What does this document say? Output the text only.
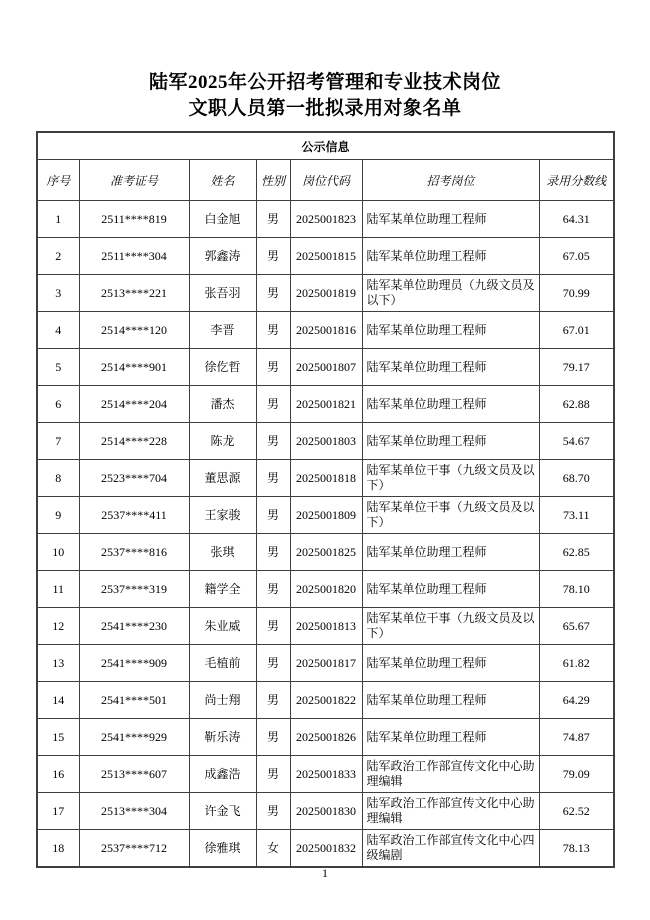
陆军2025年公开招考管理和专业技术岗位
文职人员第一批拟录用对象名单
公示信息						
序号	准考证号	姓名	性别	岗位代码	招考岗位	录用分数线
1	2511****819	白金旭	男	2025001823	陆军某单位助理工程师	64.31
2	2511****304	郭鑫涛	男	2025001815	陆军某单位助理工程师	67.05
3	2513****221	张吾羽	男	2025001819	陆军某单位助理员（九级文员及以下）	70.99
4	2514****120	李晋	男	2025001816	陆军某单位助理工程师	67.01
5	2514****901	徐仡哲	男	2025001807	陆军某单位助理工程师	79.17
6	2514****204	潘杰	男	2025001821	陆军某单位助理工程师	62.88
7	2514****228	陈龙	男	2025001803	陆军某单位助理工程师	54.67
8	2523****704	董思源	男	2025001818	陆军某单位干事（九级文员及以下）	68.70
9	2537****411	王家骏	男	2025001809	陆军某单位干事（九级文员及以下）	73.11
10	2537****816	张琪	男	2025001825	陆军某单位助理工程师	62.85
11	2537****319	籍学全	男	2025001820	陆军某单位助理工程师	78.10
12	2541****230	朱业威	男	2025001813	陆军某单位干事（九级文员及以下）	65.67
13	2541****909	毛植前	男	2025001817	陆军某单位助理工程师	61.82
14	2541****501	尚士翔	男	2025001822	陆军某单位助理工程师	64.29
15	2541****929	靳乐涛	男	2025001826	陆军某单位助理工程师	74.87
16	2513****607	成鑫浩	男	2025001833	陆军政治工作部宣传文化中心助理编辑	79.09
17	2513****304	许金飞	男	2025001830	陆军政治工作部宣传文化中心助理编辑	62.52
18	2537****712	徐雅琪	女	2025001832	陆军政治工作部宣传文化中心四级编剧	78.13
1
